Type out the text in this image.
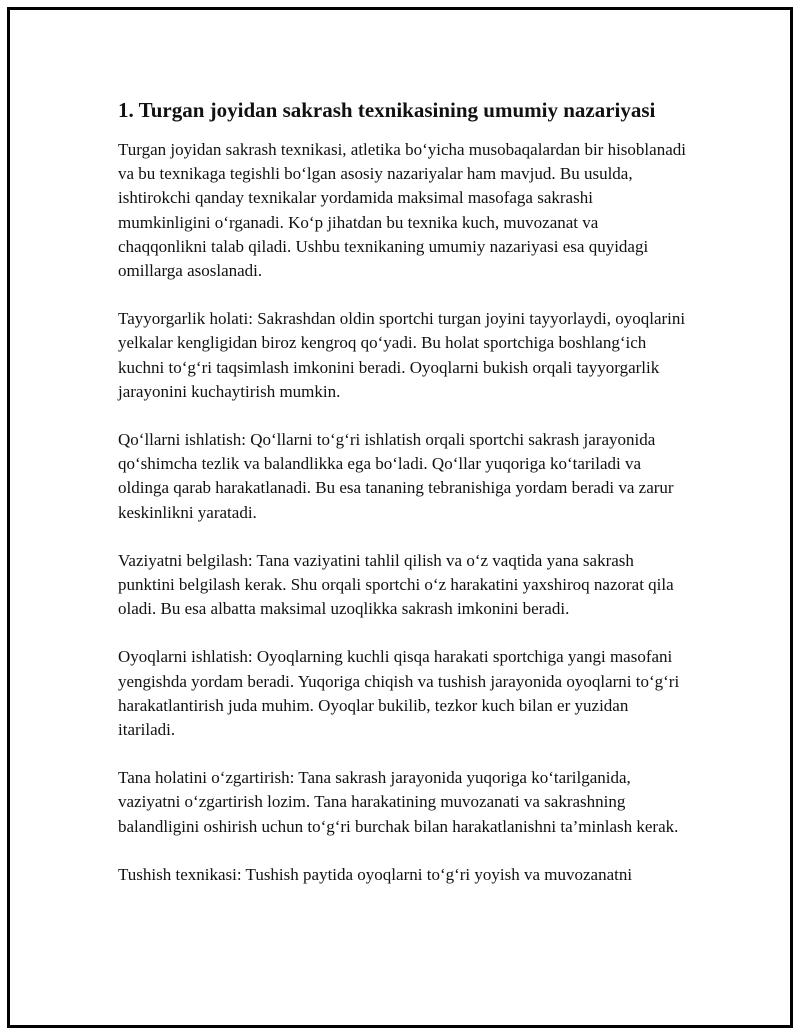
1. Turgan joyidan sakrash texnikasining umumiy nazariyasi

Turgan joyidan sakrash texnikasi, atletika bo‘yicha musobaqalardan bir hisoblanadi va bu texnikaga tegishli bo‘lgan asosiy nazariyalar ham mavjud. Bu usulda, ishtirokchi qanday texnikalar yordamida maksimal masofaga sakrashi mumkinligini o‘rganadi. Ko‘p jihatdan bu texnika kuch, muvozanat va chaqqonlikni talab qiladi. Ushbu texnikaning umumiy nazariyasi esa quyidagi omillarga asoslanadi.

Tayyorgarlik holati: Sakrashdan oldin sportchi turgan joyini tayyorlaydi, oyoqlarini yelkalar kengligidan biroz kengroq qo‘yadi. Bu holat sportchiga boshlang‘ich kuchni to‘g‘ri taqsimlash imkonini beradi. Oyoqlarni bukish orqali tayyorgarlik jarayonini kuchaytirish mumkin.

Qo‘llarni ishlatish: Qo‘llarni to‘g‘ri ishlatish orqali sportchi sakrash jarayonida qo‘shimcha tezlik va balandlikka ega bo‘ladi. Qo‘llar yuqoriga ko‘tariladi va oldinga qarab harakatlanadi. Bu esa tananing tebranishiga yordam beradi va zarur keskinlikni yaratadi.

Vaziyatni belgilash: Tana vaziyatini tahlil qilish va o‘z vaqtida yana sakrash punktini belgilash kerak. Shu orqali sportchi o‘z harakatini yaxshiroq nazorat qila oladi. Bu esa albatta maksimal uzoqlikka sakrash imkonini beradi.

Oyoqlarni ishlatish: Oyoqlarning kuchli qisqa harakati sportchiga yangi masofani yengishda yordam beradi. Yuqoriga chiqish va tushish jarayonida oyoqlarni to‘g‘ri harakatlantirish juda muhim. Oyoqlar bukilib, tezkor kuch bilan er yuzidan itariladi.

Tana holatini o‘zgartirish: Tana sakrash jarayonida yuqoriga ko‘tarilganida, vaziyatni o‘zgartirish lozim. Tana harakatining muvozanati va sakrashning balandligini oshirish uchun to‘g‘ri burchak bilan harakatlanishni ta’minlash kerak.

Tushish texnikasi: Tushish paytida oyoqlarni to‘g‘ri yoyish va muvozanatni
